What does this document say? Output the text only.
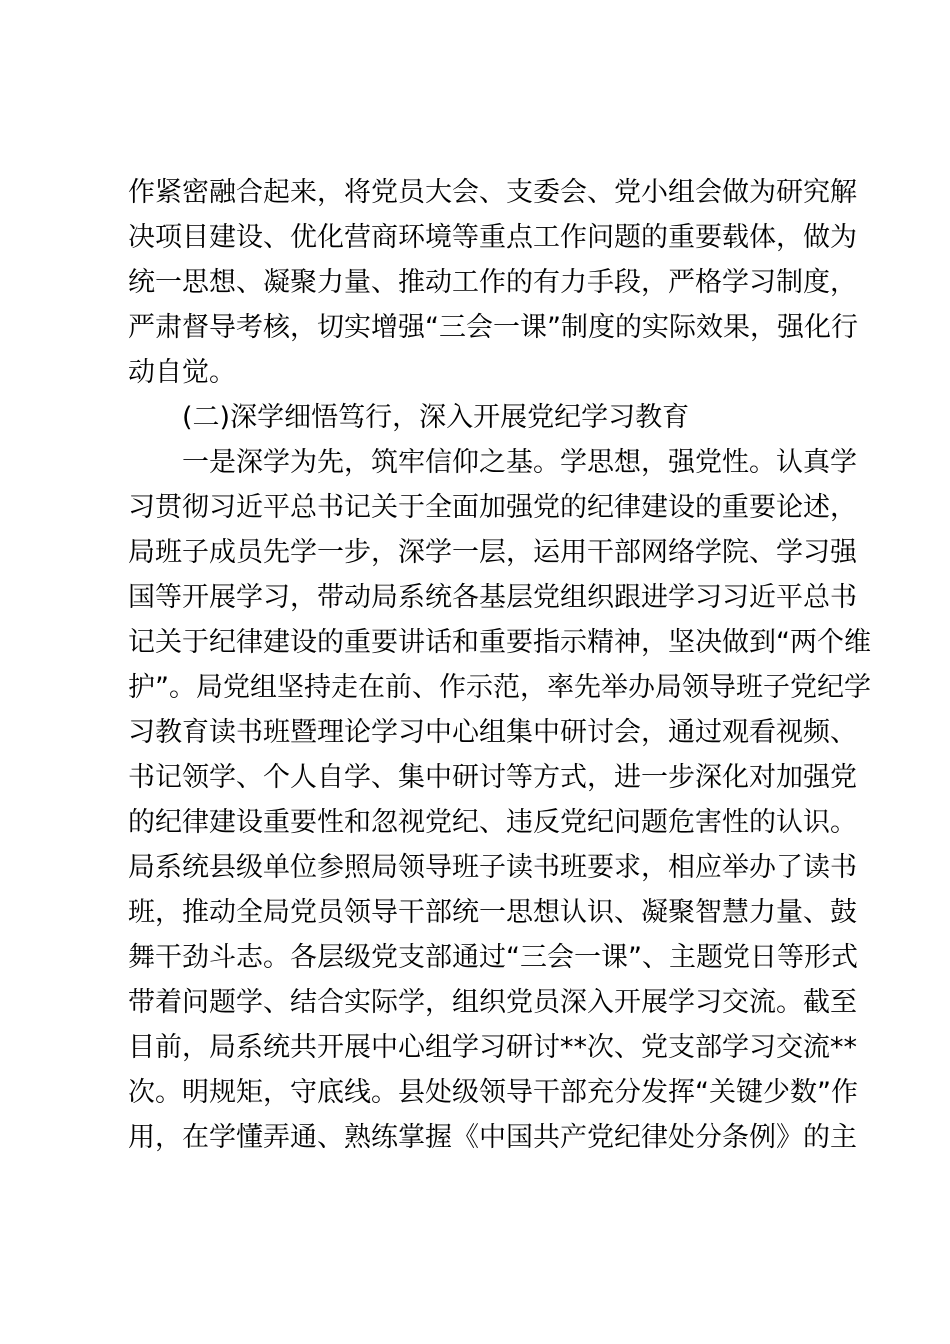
作紧密融合起来，将党员大会、支委会、党小组会做为研究解
决项目建设、优化营商环境等重点工作问题的重要载体，做为
统一思想、凝聚力量、推动工作的有力手段，严格学习制度，
严肃督导考核，切实增强“三会一课”制度的实际效果，强化行
动自觉。
(二)深学细悟笃行，深入开展党纪学习教育
一是深学为先，筑牢信仰之基。学思想，强党性。认真学
习贯彻习近平总书记关于全面加强党的纪律建设的重要论述，
局班子成员先学一步，深学一层，运用干部网络学院、学习强
国等开展学习，带动局系统各基层党组织跟进学习习近平总书
记关于纪律建设的重要讲话和重要指示精神，坚决做到“两个维
护”。局党组坚持走在前、作示范，率先举办局领导班子党纪学
习教育读书班暨理论学习中心组集中研讨会，通过观看视频、
书记领学、个人自学、集中研讨等方式，进一步深化对加强党
的纪律建设重要性和忽视党纪、违反党纪问题危害性的认识。
局系统县级单位参照局领导班子读书班要求，相应举办了读书
班，推动全局党员领导干部统一思想认识、凝聚智慧力量、鼓
舞干劲斗志。各层级党支部通过“三会一课”、主题党日等形式
带着问题学、结合实际学，组织党员深入开展学习交流。截至
目前，局系统共开展中心组学习研讨**次、党支部学习交流**
次。明规矩，守底线。县处级领导干部充分发挥“关键少数”作
用，在学懂弄通、熟练掌握《中国共产党纪律处分条例》的主
